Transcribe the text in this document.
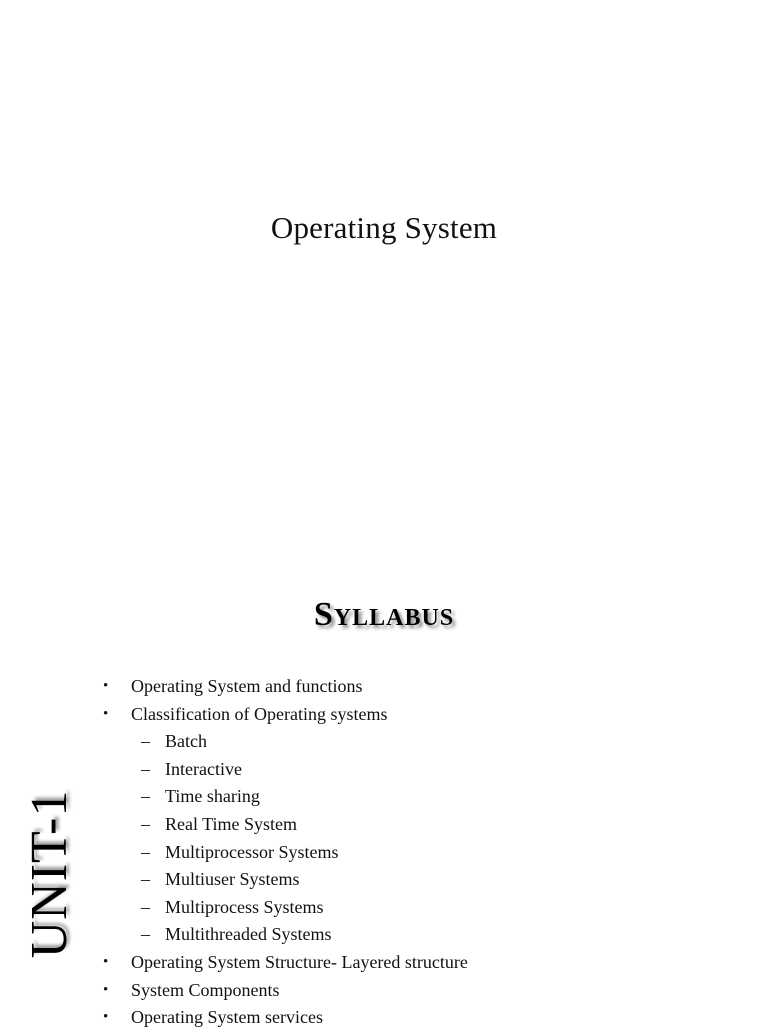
Operating System
Syllabus
UNIT-1
• Operating System and functions
• Classification of Operating systems
– Batch
– Interactive
– Time sharing
– Real Time System
– Multiprocessor Systems
– Multiuser Systems
– Multiprocess Systems
– Multithreaded Systems
• Operating System Structure- Layered structure
• System Components
• Operating System services
